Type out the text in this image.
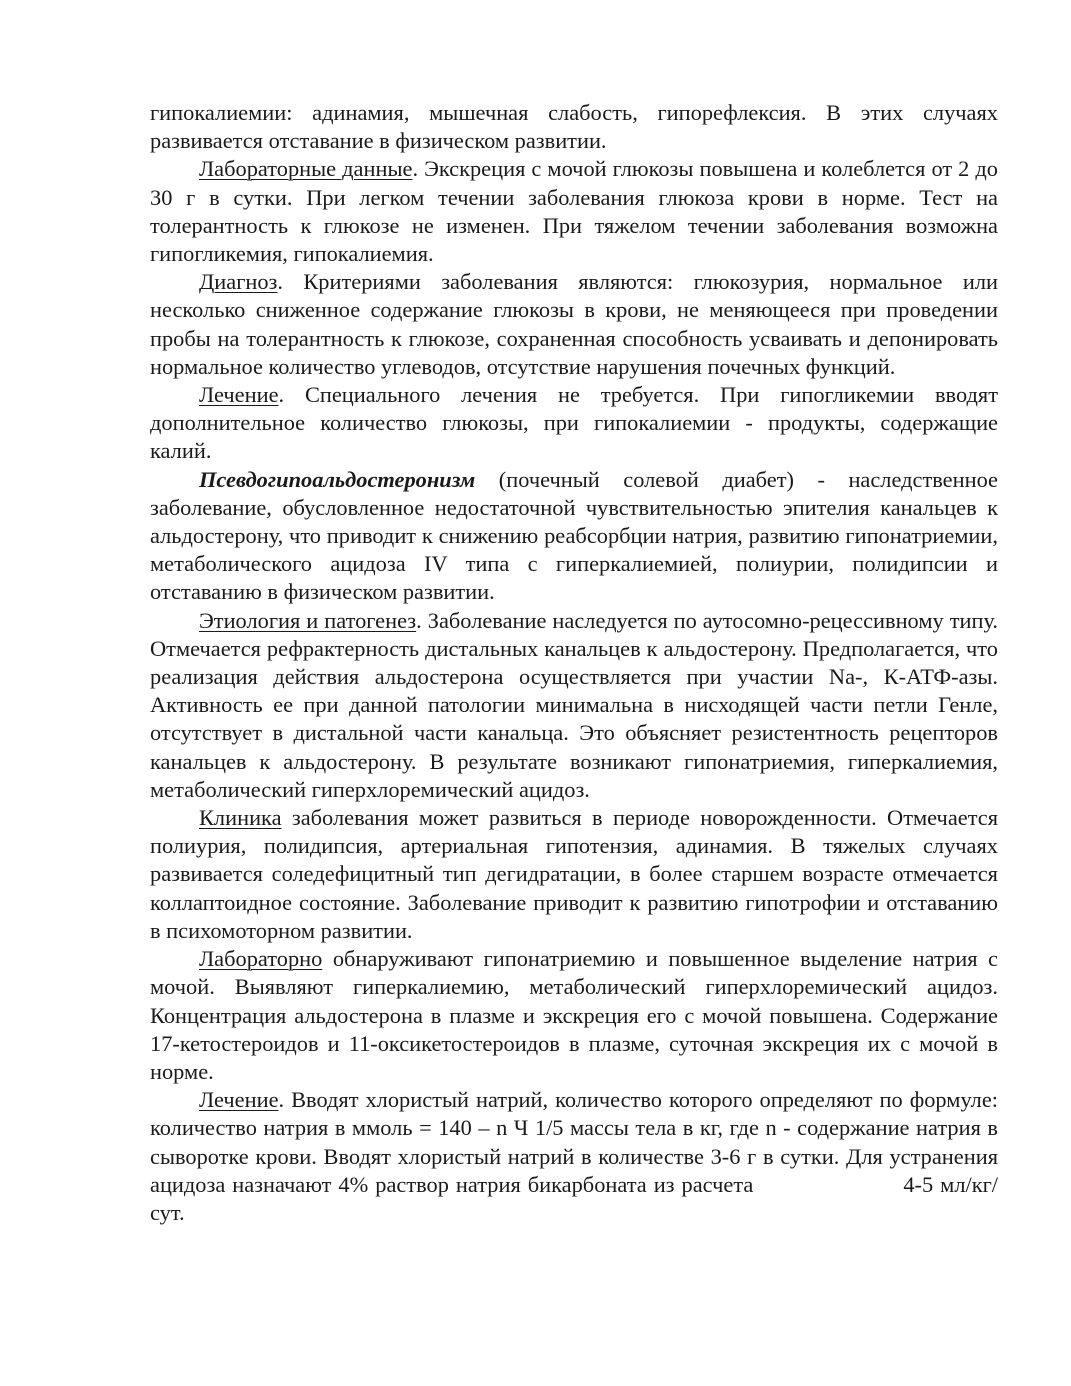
гипокалиемии: адинамия, мышечная слабость, гипорефлексия. В этих случаях развивается отставание в физическом развитии.

Лабораторные данные. Экскреция с мочой глюкозы повышена и колеблется от 2 до 30 г в сутки. При легком течении заболевания глюкоза крови в норме. Тест на толерантность к глюкозе не изменен. При тяжелом течении заболевания возможна гипогликемия, гипокалиемия.

Диагноз. Критериями заболевания являются: глюкозурия, нормальное или несколько сниженное содержание глюкозы в крови, не меняющееся при проведении пробы на толерантность к глюкозе, сохраненная способность усваивать и депонировать нормальное количество углеводов, отсутствие нарушения почечных функций.

Лечение. Специального лечения не требуется. При гипогликемии вводят дополнительное количество глюкозы, при гипокалиемии - продукты, содержащие калий.

Псевдогипоальдостеронизм (почечный солевой диабет) - наследственное заболевание, обусловленное недостаточной чувствительностью эпителия канальцев к альдостерону, что приводит к снижению реабсорбции натрия, развитию гипонатриемии, метаболического ацидоза IV типа с гиперкалиемией, полиурии, полидипсии и отставанию в физическом развитии.

Этиология и патогенез. Заболевание наследуется по аутосомно-рецессивному типу. Отмечается рефрактерность дистальных канальцев к альдостерону. Предполагается, что реализация действия альдостерона осуществляется при участии Na-, К-АТФ-азы. Активность ее при данной патологии минимальна в нисходящей части петли Генле, отсутствует в дистальной части канальца. Это объясняет резистентность рецепторов канальцев к альдостерону. В результате возникают гипонатриемия, гиперкалиемия, метаболический гиперхлоремический ацидоз.

Клиника заболевания может развиться в периоде новорожденности. Отмечается полиурия, полидипсия, артериальная гипотензия, адинамия. В тяжелых случаях развивается соледефицитный тип дегидратации, в более старшем возрасте отмечается коллаптоидное состояние. Заболевание приводит к развитию гипотрофии и отставанию в психомоторном развитии.

Лабораторно обнаруживают гипонатриемию и повышенное выделение натрия с мочой. Выявляют гиперкалиемию, метаболический гиперхлоремический ацидоз. Концентрация альдостерона в плазме и экскреция его с мочой повышена. Содержание 17-кетостероидов и 11-оксикетостероидов в плазме, суточная экскреция их с мочой в норме.

Лечение. Вводят хлористый натрий, количество которого определяют по формуле: количество натрия в ммоль = 140 – n Ч 1/5 массы тела в кг, где n - содержание натрия в сыворотке крови. Вводят хлористый натрий в количестве 3-6 г в сутки. Для устранения ацидоза назначают 4% раствор натрия бикарбоната из расчета	4-5 мл/кг/сут.
